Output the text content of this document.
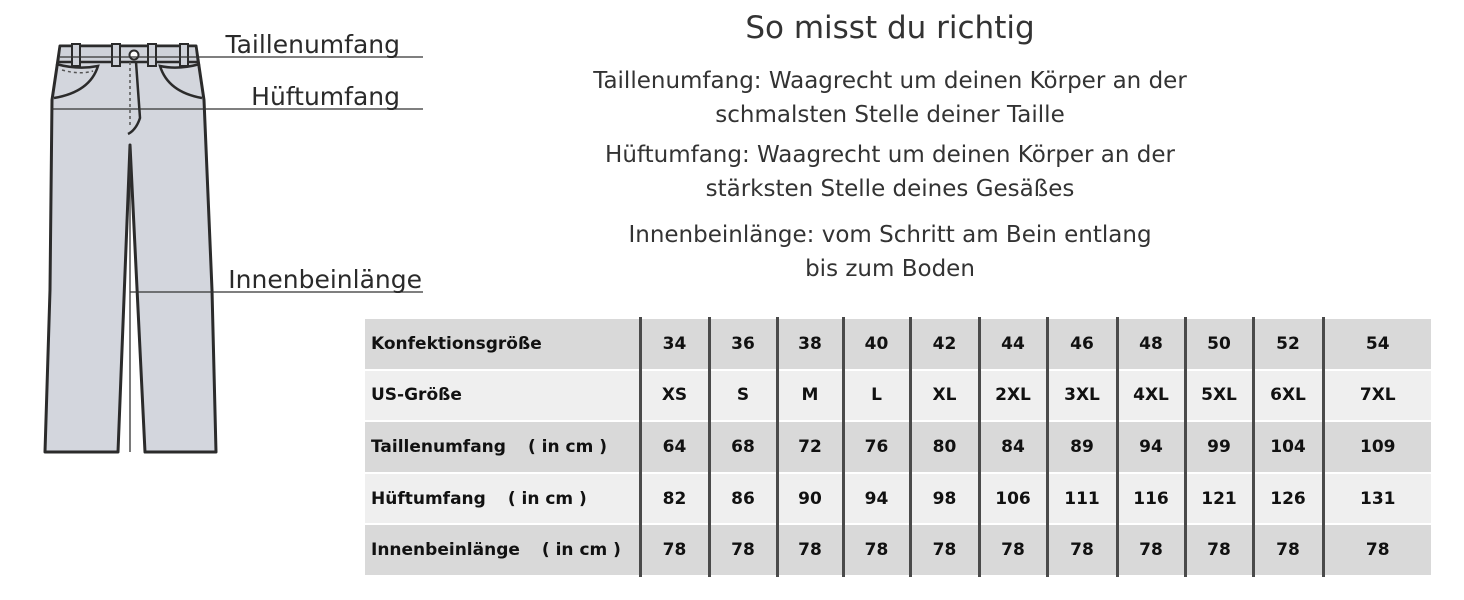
Taillenumfang
Hüftumfang
Innenbeinlänge
So misst du richtig
Taillenumfang: Waagrecht um deinen Körper an der
schmalsten Stelle deiner Taille
Hüftumfang: Waagrecht um deinen Körper an der
stärksten Stelle deines Gesäßes
Innenbeinlänge: vom Schritt am Bein entlang
bis zum Boden
Konfektionsgröße	34	36	38	40	42	44	46	48	50	52	54
US-Größe	XS	S	M	L	XL	2XL	3XL	4XL	5XL	6XL	7XL
Taillenumfang ( in cm )	64	68	72	76	80	84	89	94	99	104	109
Hüftumfang ( in cm )	82	86	90	94	98	106	111	116	121	126	131
Innenbeinlänge ( in cm )	78	78	78	78	78	78	78	78	78	78	78
